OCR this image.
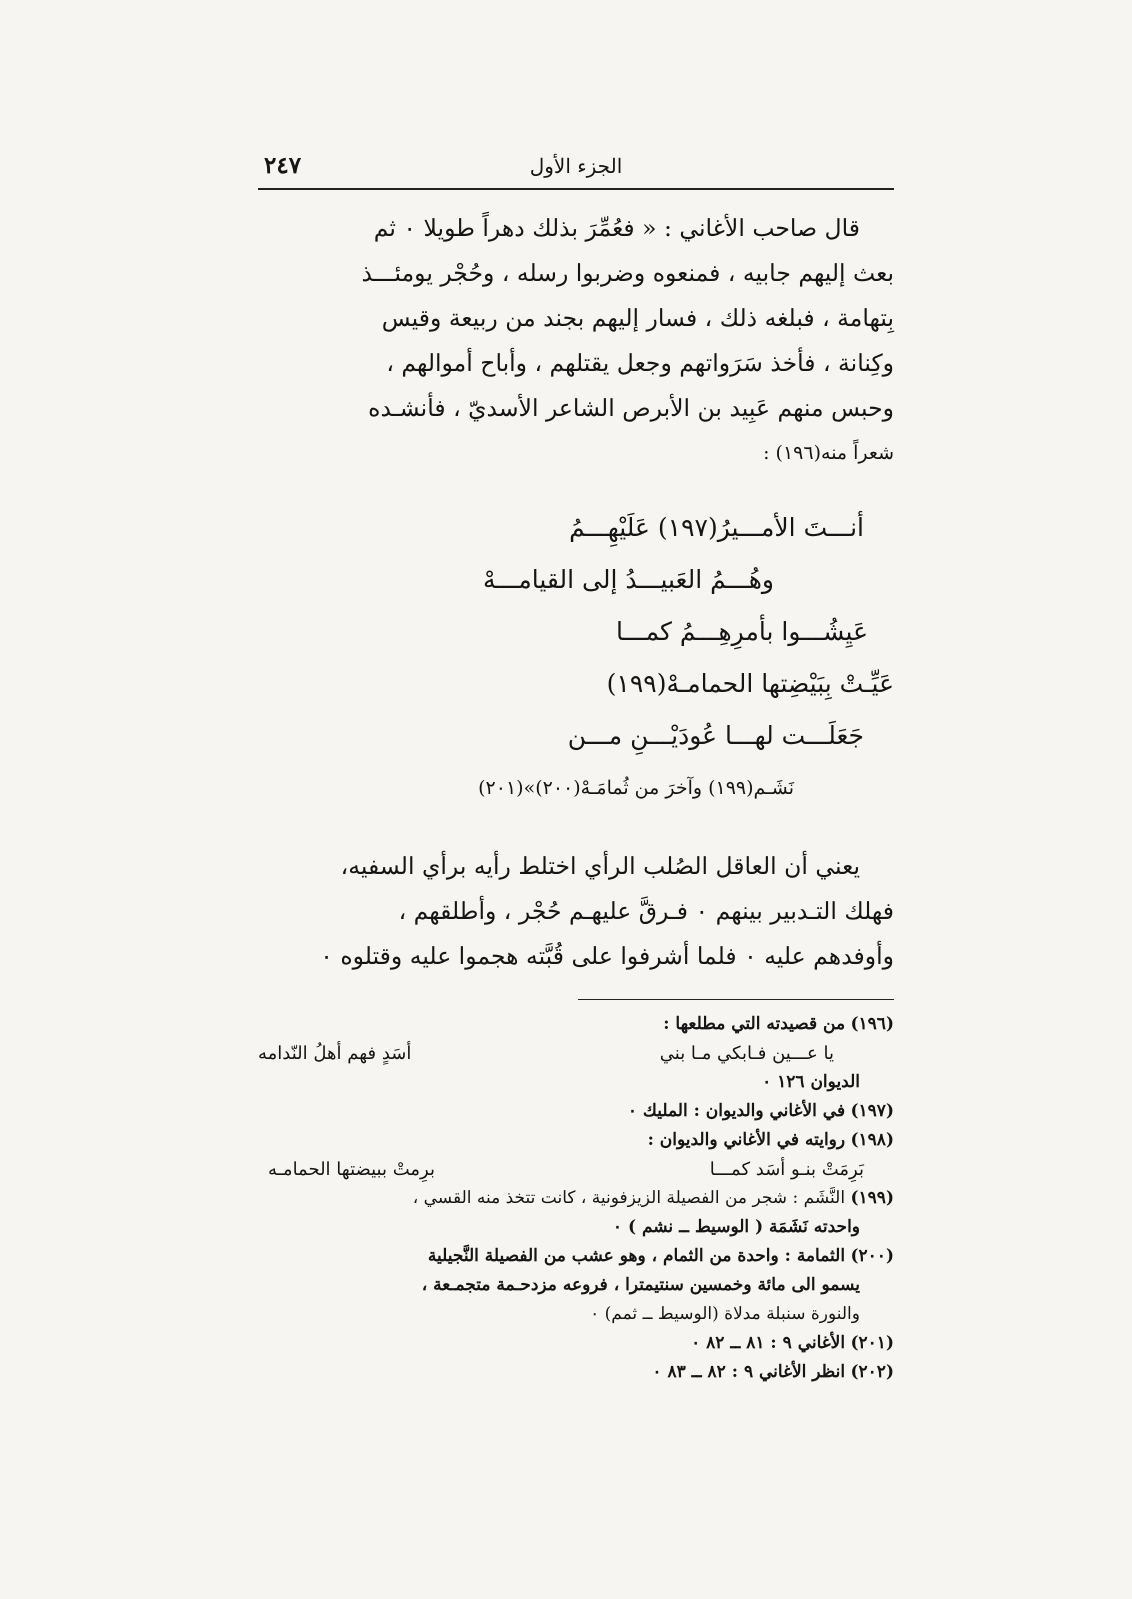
٢٤٧	الجزء الأول

قال صاحب الأغاني : « فعُمِّرَ بذلك دهراً طويلا ٠ ثم

بعث إليهم جابيه ، فمنعوه وضربوا رسله ، وحُجْر يومئـــذ

بِتهامة ، فبلغه ذلك ، فسار إليهم بجند من ربيعة وقيس

وكِنانة ، فأخذ سَرَواتهم وجعل يقتلهم ، وأباح أموالهم ،

وحبس منهم عَبِيد بن الأبرص الشاعر الأسديّ ، فأنشـده

شعراً منه(١٩٦) :

أنـــتَ الأمـــيرُ(١٩٧) عَلَيْهِـــمُ
وهُـــمُ العَبيـــدُ إلى القيامـــهْ
عَيِشُـــوا بأمرِهِـــمُ كمـــا
عَيِّـتْ بِبَيْضِتها الحمامـهْ(١٩٩)
جَعَلَـــت لهـــا عُودَيْـــنِ مـــن
نَشَـم(١٩٩) وآخرَ من ثُمامَـهْ(٢٠٠)»(٢٠١)

يعني أن العاقل الصُلب الرأي اختلط رأيه برأي السفيه،

فهلك التـدبير بينهم ٠ فـرقَّ عليهـم حُجْر ، وأطلقهم ،

وأوفدهم عليه ٠ فلما أشرفوا على قُبَّته هجموا عليه وقتلوه ٠

(١٩٦) من قصيدته التي مطلعها :

يا عـــين فـابكي مـا بني
أسَدٍ فهم أهلُ النّدامه

الديوان ١٢٦ ٠

(١٩٧) في الأغاني والديوان : المليك ٠

(١٩٨) روايته في الأغاني والديوان :

بَرِمَتْ بنـو أسَد كمـــا
برِمتْ ببيضتها الحمامـه

(١٩٩) النَّشَم : شجر من الفصيلة الزيزفونية ، كانت تتخذ منه القسي ،

واحدته نَشَمَة ( الوسيط ــ نشم ) ٠

(٢٠٠) الثمامة : واحدة من الثمام ، وهو عشب من الفصيلة النَّجيلية

يسمو الى مائة وخمسين سنتيمترا ، فروعه مزدحـمة متجمـعة ،

والنورة سنبلة مدلاة (الوسيط ــ ثمم) ٠

(٢٠١) الأغاني ٩ : ٨١ ــ ٨٢ ٠

(٢٠٢) انظر الأغاني ٩ : ٨٢ ــ ٨٣ ٠
